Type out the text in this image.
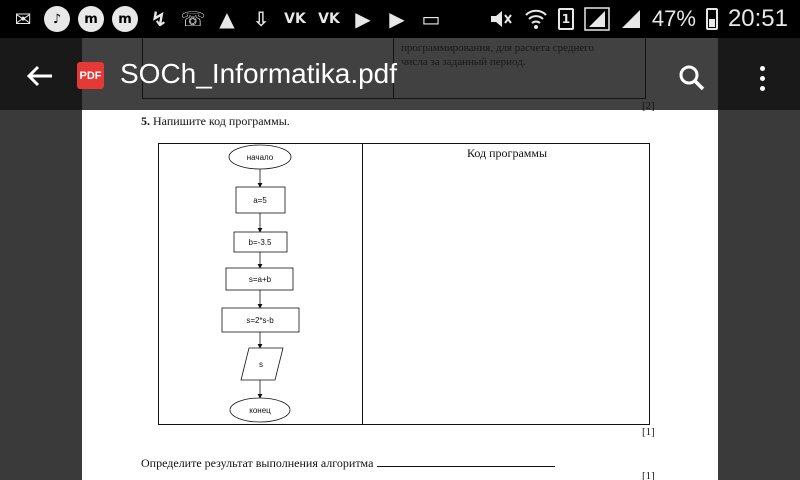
✉	♪	m	m ↯ ☏ ▲ ⇩	VK VK ▶ ▶ ▭	1	47% 20:51
5. Напишите код программы.
Код программы
начало
a=5
b=-3.5
s=a+b
s=2*s-b
s
конец
[1]
Определите результат выполнения алгоритма
[1]
PDF SOCh_Informatika.pdf
